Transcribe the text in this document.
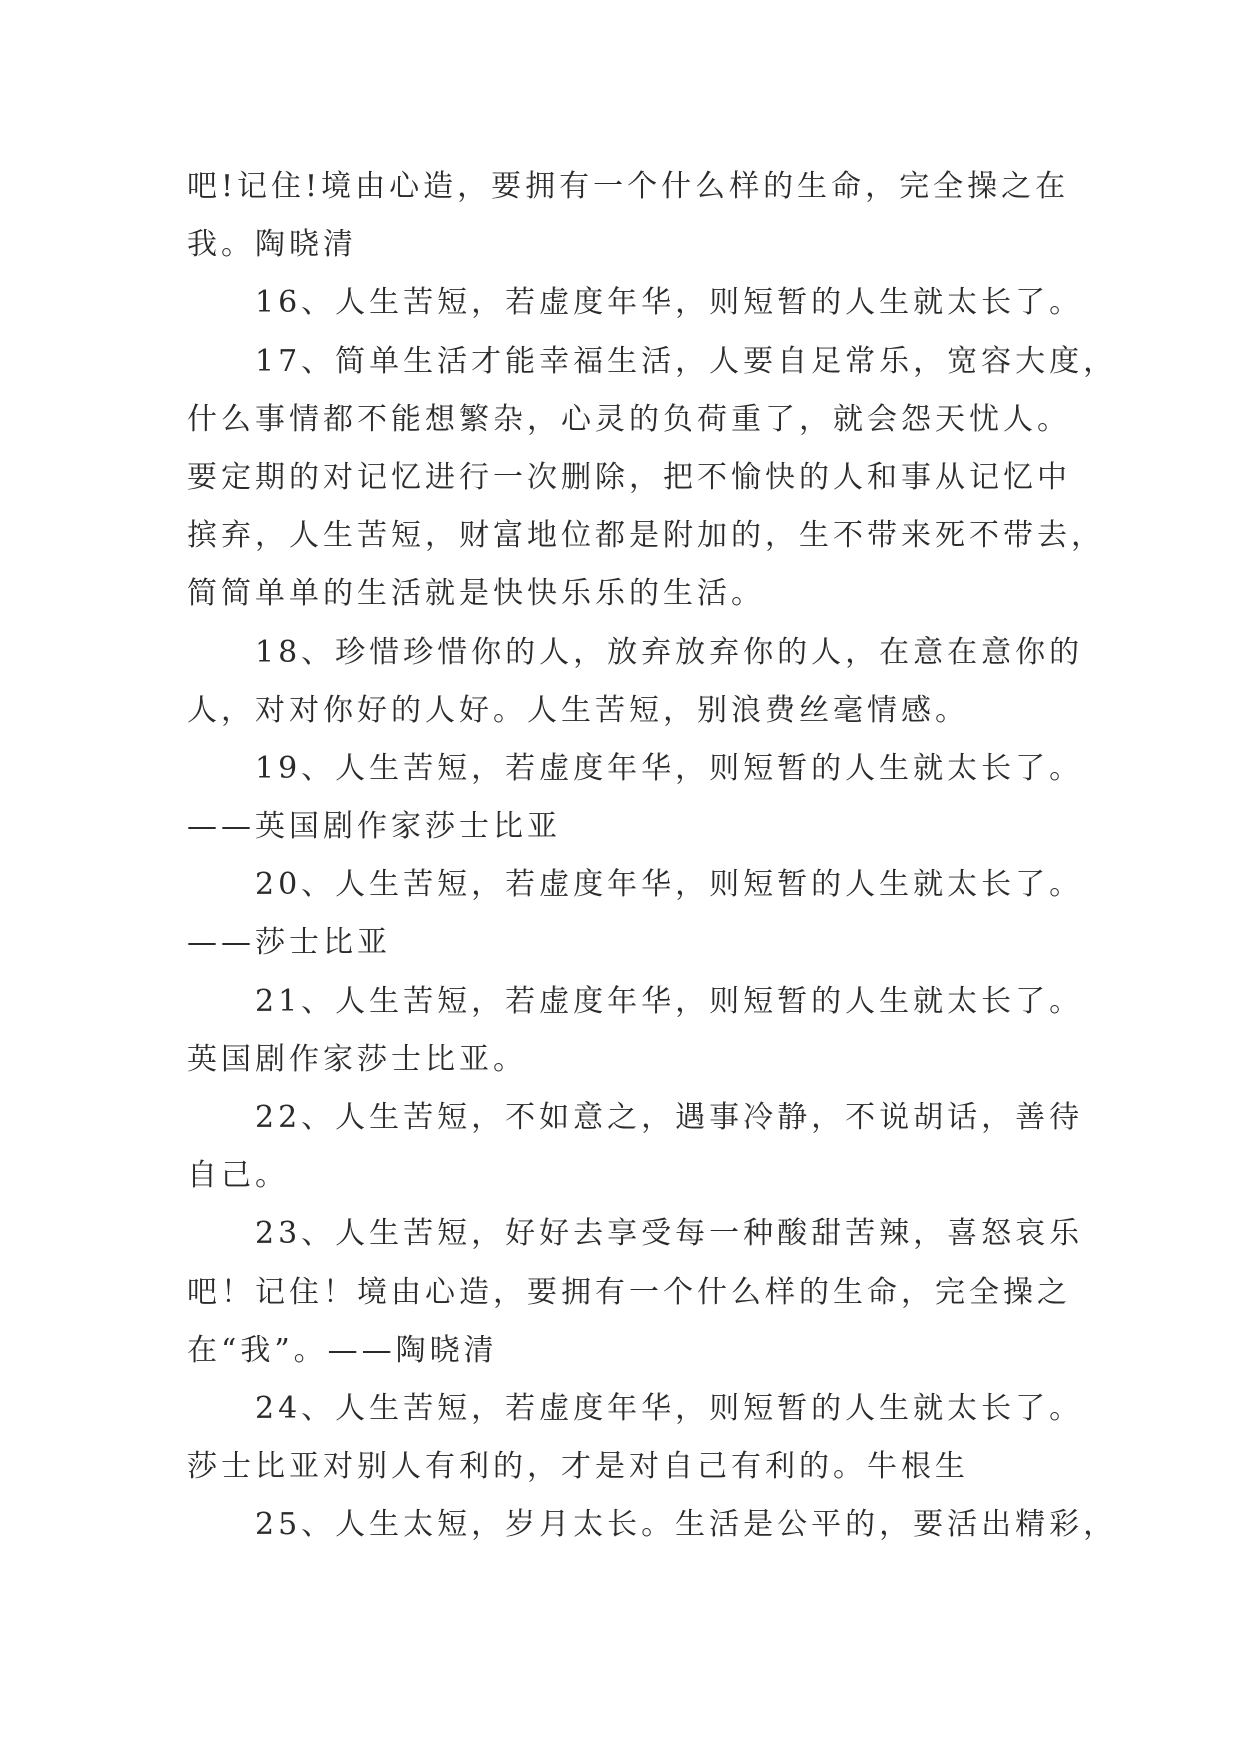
吧!记住!境由心造，要拥有一个什么样的生命，完全操之在
我。陶晓清
16、人生苦短，若虚度年华，则短暂的人生就太长了。
17、简单生活才能幸福生活，人要自足常乐，宽容大度，
什么事情都不能想繁杂，心灵的负荷重了，就会怨天忧人。
要定期的对记忆进行一次删除，把不愉快的人和事从记忆中
摈弃，人生苦短，财富地位都是附加的，生不带来死不带去，
简简单单的生活就是快快乐乐的生活。
18、珍惜珍惜你的人，放弃放弃你的人，在意在意你的
人，对对你好的人好。人生苦短，别浪费丝毫情感。
19、人生苦短，若虚度年华，则短暂的人生就太长了。
——英国剧作家莎士比亚
20、人生苦短，若虚度年华，则短暂的人生就太长了。
——莎士比亚
21、人生苦短，若虚度年华，则短暂的人生就太长了。
英国剧作家莎士比亚。
22、人生苦短，不如意之，遇事冷静，不说胡话，善待
自己。
23、人生苦短，好好去享受每一种酸甜苦辣，喜怒哀乐
吧！记住！境由心造，要拥有一个什么样的生命，完全操之
在“我”。——陶晓清
24、人生苦短，若虚度年华，则短暂的人生就太长了。
莎士比亚对别人有利的，才是对自己有利的。牛根生
25、人生太短，岁月太长。生活是公平的，要活出精彩，
